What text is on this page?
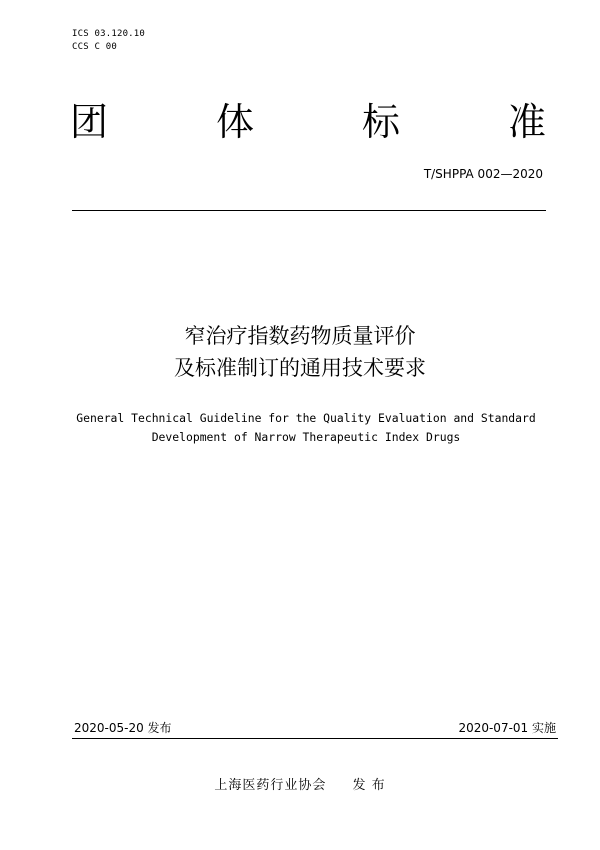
ICS 03.120.10
CCS C 00
团	体	标	准
T/SHPPA 002—2020
窄治疗指数药物质量评价
及标准制订的通用技术要求
General Technical Guideline for the Quality Evaluation and Standard
Development of Narrow Therapeutic Index Drugs
2020-05-20 发布	2020-07-01 实施
上海医药行业协会 发 布
